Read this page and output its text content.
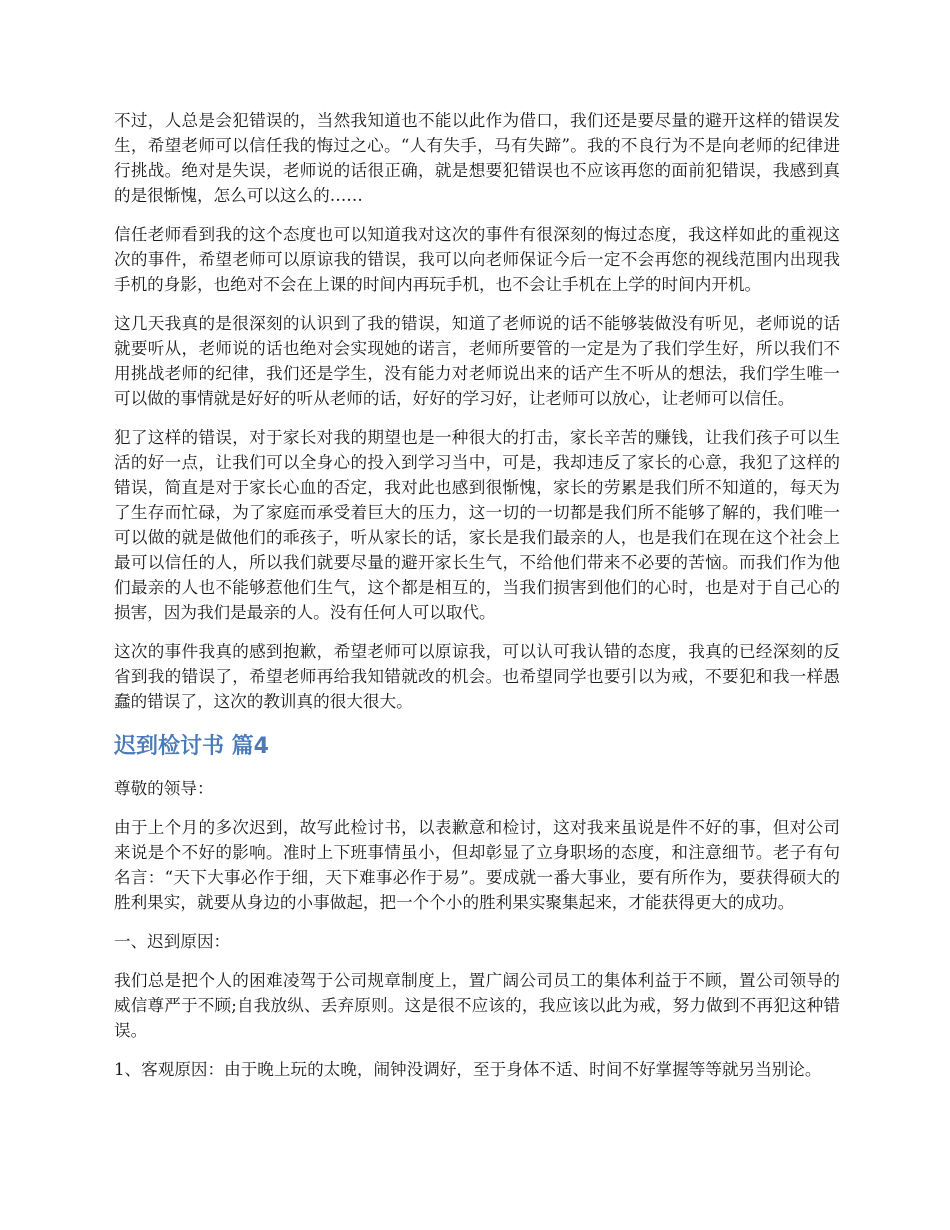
不过，人总是会犯错误的，当然我知道也不能以此作为借口，我们还是要尽量的避开这样的错误发生，希望老师可以信任我的悔过之心。“人有失手，马有失蹄”。我的不良行为不是向老师的纪律进行挑战。绝对是失误，老师说的话很正确，就是想要犯错误也不应该再您的面前犯错误，我感到真的是很惭愧，怎么可以这么的……

信任老师看到我的这个态度也可以知道我对这次的事件有很深刻的悔过态度，我这样如此的重视这次的事件，希望老师可以原谅我的错误，我可以向老师保证今后一定不会再您的视线范围内出现我手机的身影，也绝对不会在上课的时间内再玩手机，也不会让手机在上学的时间内开机。

这几天我真的是很深刻的认识到了我的错误，知道了老师说的话不能够装做没有听见，老师说的话就要听从，老师说的话也绝对会实现她的诺言，老师所要管的一定是为了我们学生好，所以我们不用挑战老师的纪律，我们还是学生，没有能力对老师说出来的话产生不听从的想法，我们学生唯一可以做的事情就是好好的听从老师的话，好好的学习好，让老师可以放心，让老师可以信任。

犯了这样的错误，对于家长对我的期望也是一种很大的打击，家长辛苦的赚钱，让我们孩子可以生活的好一点，让我们可以全身心的投入到学习当中，可是，我却违反了家长的心意，我犯了这样的错误，简直是对于家长心血的否定，我对此也感到很惭愧，家长的劳累是我们所不知道的，每天为了生存而忙碌，为了家庭而承受着巨大的压力，这一切的一切都是我们所不能够了解的，我们唯一可以做的就是做他们的乖孩子，听从家长的话，家长是我们最亲的人，也是我们在现在这个社会上最可以信任的人，所以我们就要尽量的避开家长生气，不给他们带来不必要的苦恼。而我们作为他们最亲的人也不能够惹他们生气，这个都是相互的，当我们损害到他们的心时，也是对于自己心的损害，因为我们是最亲的人。没有任何人可以取代。

这次的事件我真的感到抱歉，希望老师可以原谅我，可以认可我认错的态度，我真的已经深刻的反省到我的错误了，希望老师再给我知错就改的机会。也希望同学也要引以为戒，不要犯和我一样愚蠢的错误了，这次的教训真的很大很大。

迟到检讨书 篇4

尊敬的领导：

由于上个月的多次迟到，故写此检讨书，以表歉意和检讨，这对我来虽说是件不好的事，但对公司来说是个不好的影响。准时上下班事情虽小，但却彰显了立身职场的态度，和注意细节。老子有句名言：“天下大事必作于细，天下难事必作于易”。要成就一番大事业，要有所作为，要获得硕大的胜利果实，就要从身边的小事做起，把一个个小的胜利果实聚集起来，才能获得更大的成功。

一、迟到原因：

我们总是把个人的困难凌驾于公司规章制度上，置广阔公司员工的集体利益于不顾，置公司领导的威信尊严于不顾;自我放纵、丢弃原则。这是很不应该的，我应该以此为戒，努力做到不再犯这种错误。

1、客观原因：由于晚上玩的太晚，闹钟没调好，至于身体不适、时间不好掌握等等就另当别论。
